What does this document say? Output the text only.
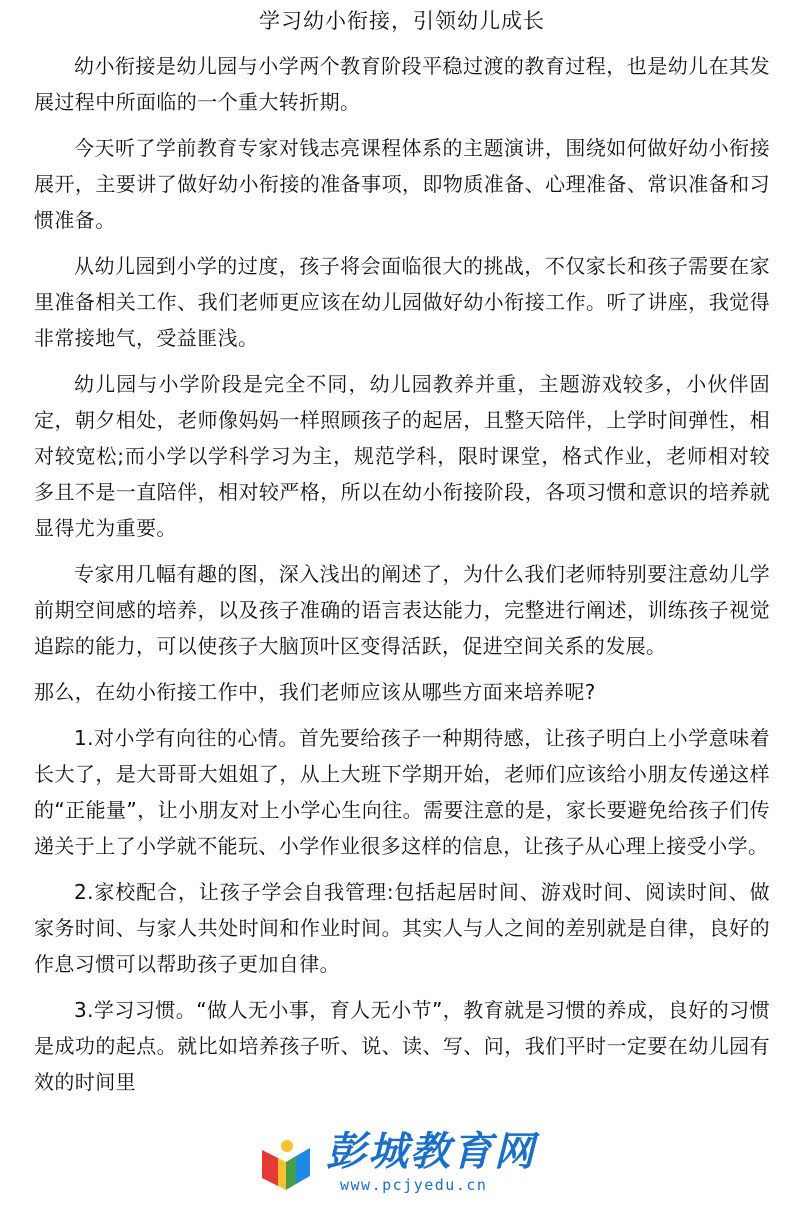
学习幼小衔接，引领幼儿成长

幼小衔接是幼儿园与小学两个教育阶段平稳过渡的教育过程，也是幼儿在其发展过程中所面临的一个重大转折期。

今天听了学前教育专家对钱志亮课程体系的主题演讲，围绕如何做好幼小衔接展开，主要讲了做好幼小衔接的准备事项，即物质准备、心理准备、常识准备和习惯准备。

从幼儿园到小学的过度，孩子将会面临很大的挑战，不仅家长和孩子需要在家里准备相关工作、我们老师更应该在幼儿园做好幼小衔接工作。听了讲座，我觉得非常接地气，受益匪浅。

幼儿园与小学阶段是完全不同，幼儿园教养并重，主题游戏较多，小伙伴固定，朝夕相处，老师像妈妈一样照顾孩子的起居，且整天陪伴，上学时间弹性，相对较宽松;而小学以学科学习为主，规范学科，限时课堂，格式作业，老师相对较多且不是一直陪伴，相对较严格，所以在幼小衔接阶段，各项习惯和意识的培养就显得尤为重要。

专家用几幅有趣的图，深入浅出的阐述了，为什么我们老师特别要注意幼儿学前期空间感的培养，以及孩子准确的语言表达能力，完整进行阐述，训练孩子视觉追踪的能力，可以使孩子大脑顶叶区变得活跃，促进空间关系的发展。

那么，在幼小衔接工作中，我们老师应该从哪些方面来培养呢?

1.对小学有向往的心情。首先要给孩子一种期待感，让孩子明白上小学意味着长大了，是大哥哥大姐姐了，从上大班下学期开始，老师们应该给小朋友传递这样的“正能量”，让小朋友对上小学心生向往。需要注意的是，家长要避免给孩子们传递关于上了小学就不能玩、小学作业很多这样的信息，让孩子从心理上接受小学。

2.家校配合，让孩子学会自我管理:包括起居时间、游戏时间、阅读时间、做家务时间、与家人共处时间和作业时间。其实人与人之间的差别就是自律，良好的作息习惯可以帮助孩子更加自律。

3.学习习惯。“做人无小事，育人无小节”，教育就是习惯的养成，良好的习惯是成功的起点。就比如培养孩子听、说、读、写、问，我们平时一定要在幼儿园有效的时间里

彭城教育网
www.pcjyedu.cn
